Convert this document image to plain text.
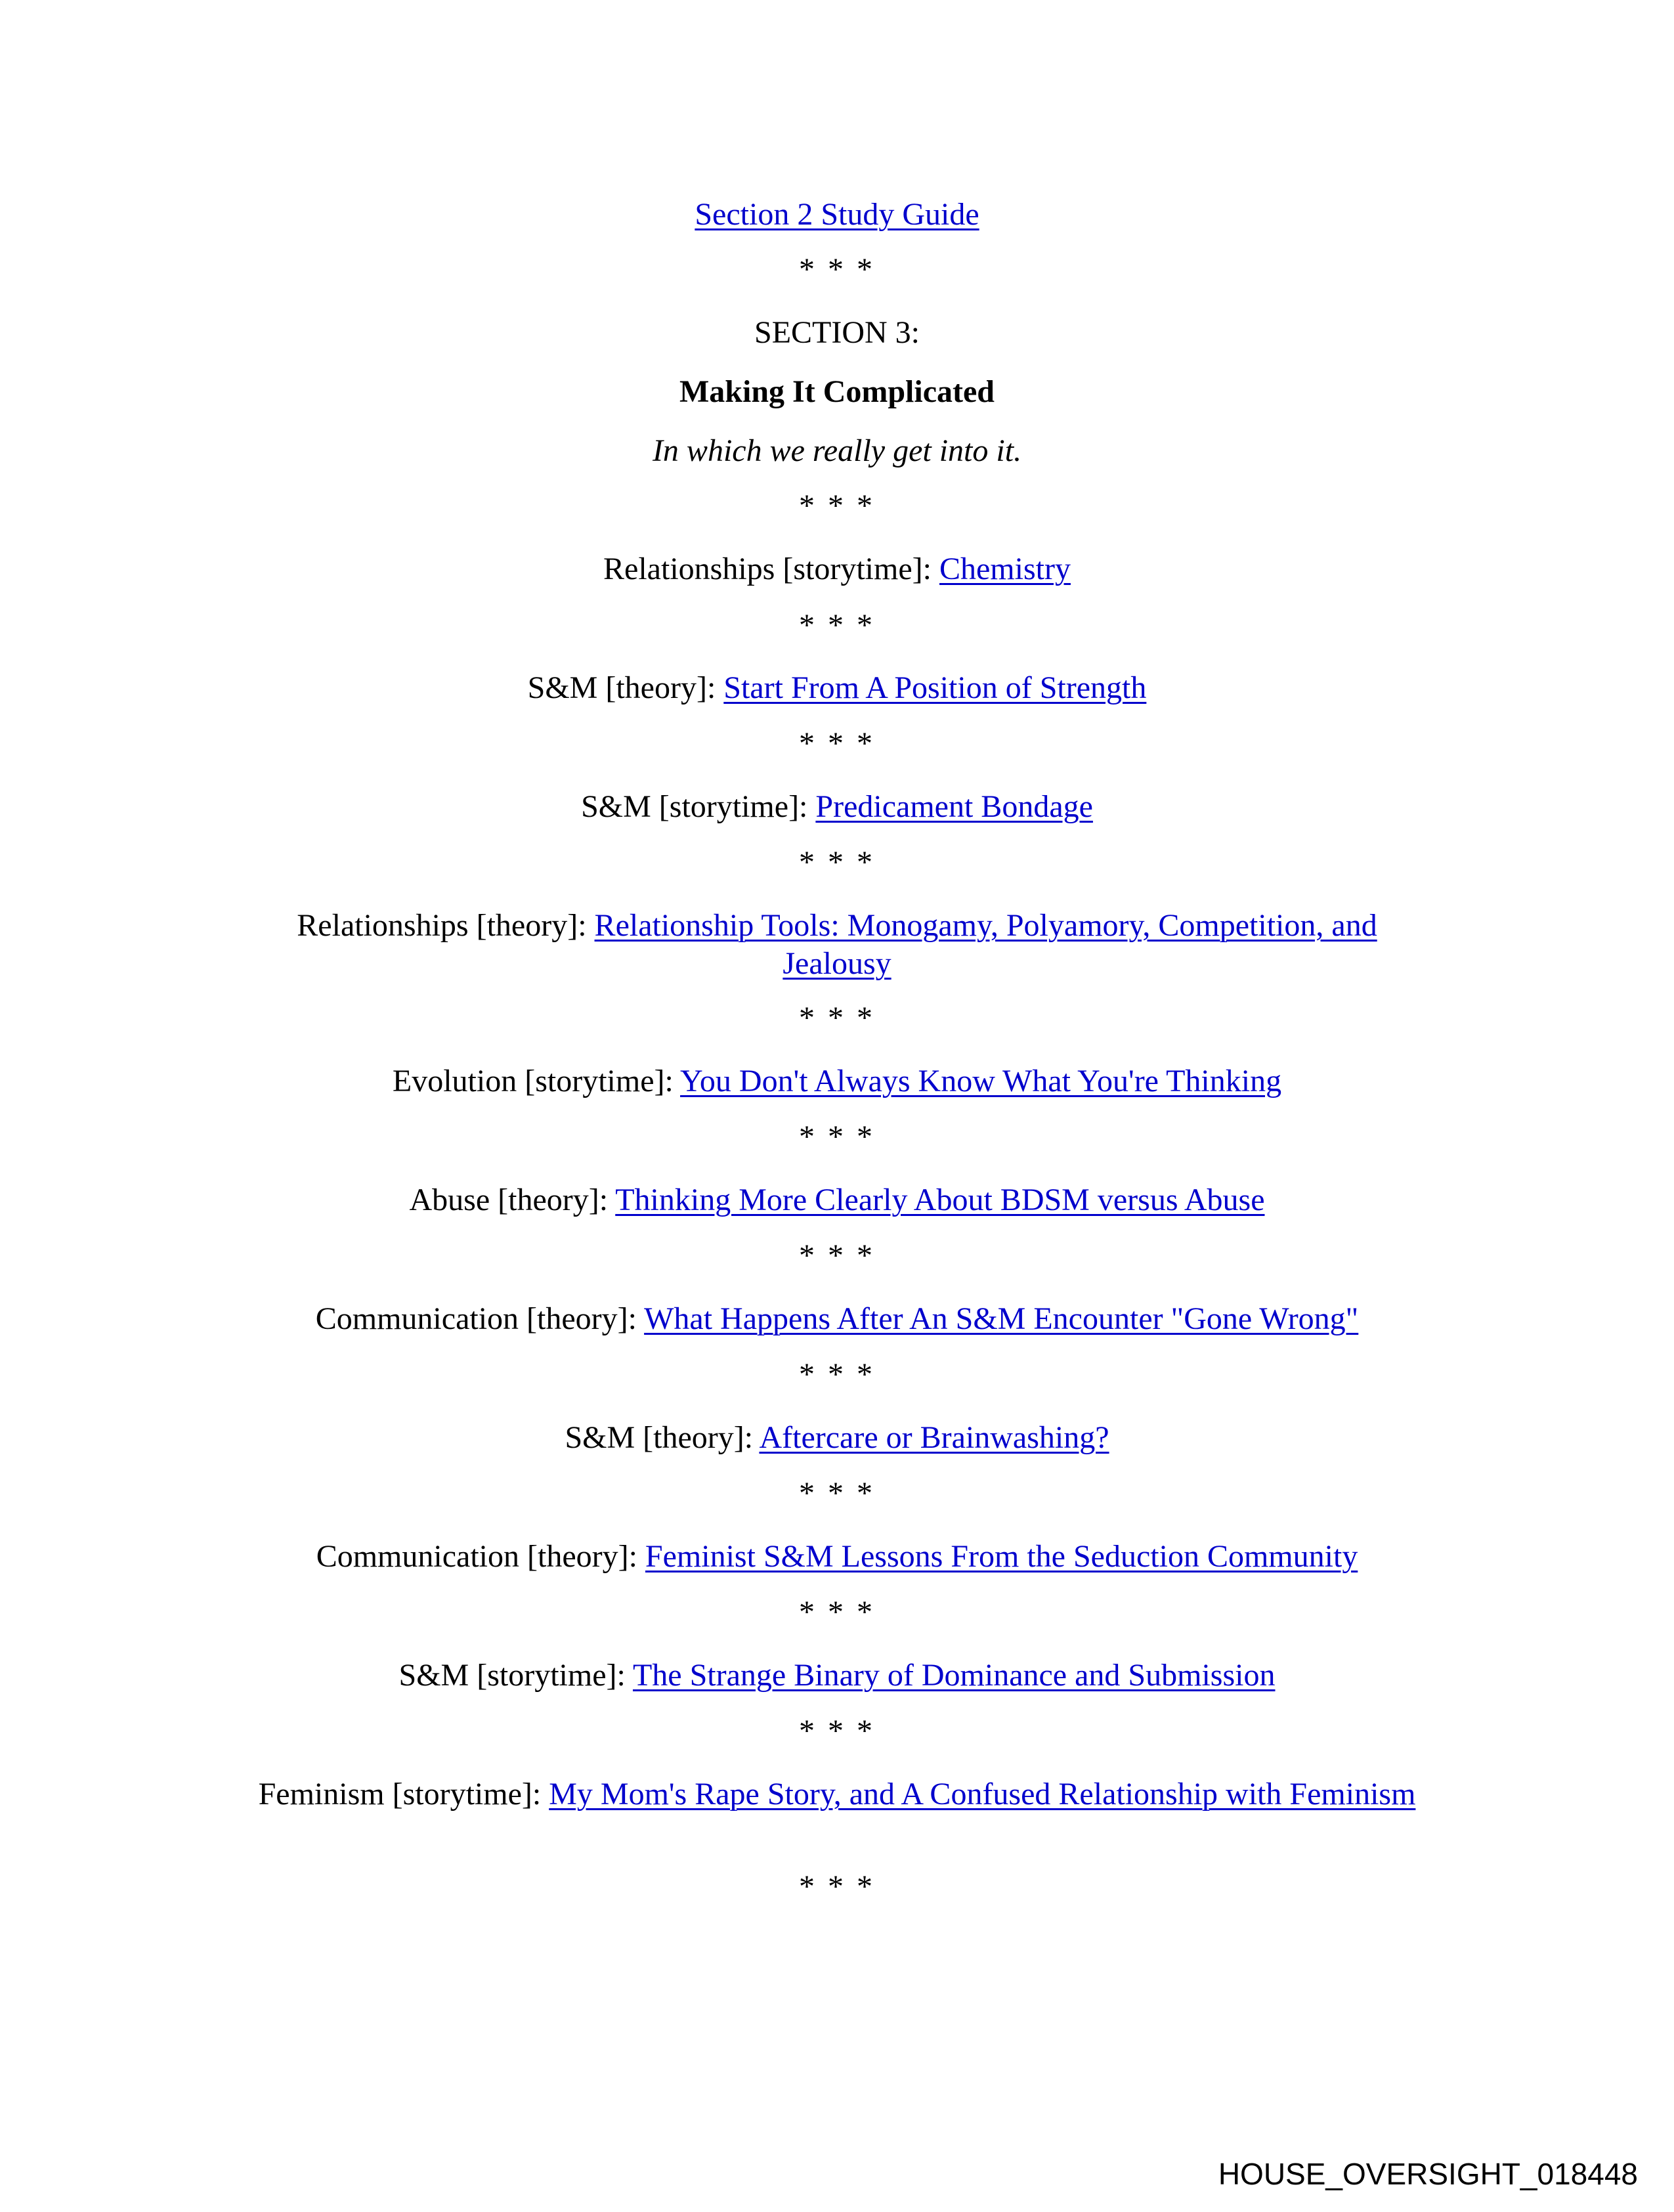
Section 2 Study Guide
* * *
SECTION 3:
Making It Complicated
In which we really get into it.
* * *
Relationships [storytime]: Chemistry
* * *
S&M [theory]: Start From A Position of Strength
* * *
S&M [storytime]: Predicament Bondage
* * *
Relationships [theory]: Relationship Tools: Monogamy, Polyamory, Competition, and Jealousy
* * *
Evolution [storytime]: You Don't Always Know What You're Thinking
* * *
Abuse [theory]: Thinking More Clearly About BDSM versus Abuse
* * *
Communication [theory]: What Happens After An S&M Encounter "Gone Wrong"
* * *
S&M [theory]: Aftercare or Brainwashing?
* * *
Communication [theory]: Feminist S&M Lessons From the Seduction Community
* * *
S&M [storytime]: The Strange Binary of Dominance and Submission
* * *
Feminism [storytime]: My Mom's Rape Story, and A Confused Relationship with Feminism
* * *
HOUSE_OVERSIGHT_018448
